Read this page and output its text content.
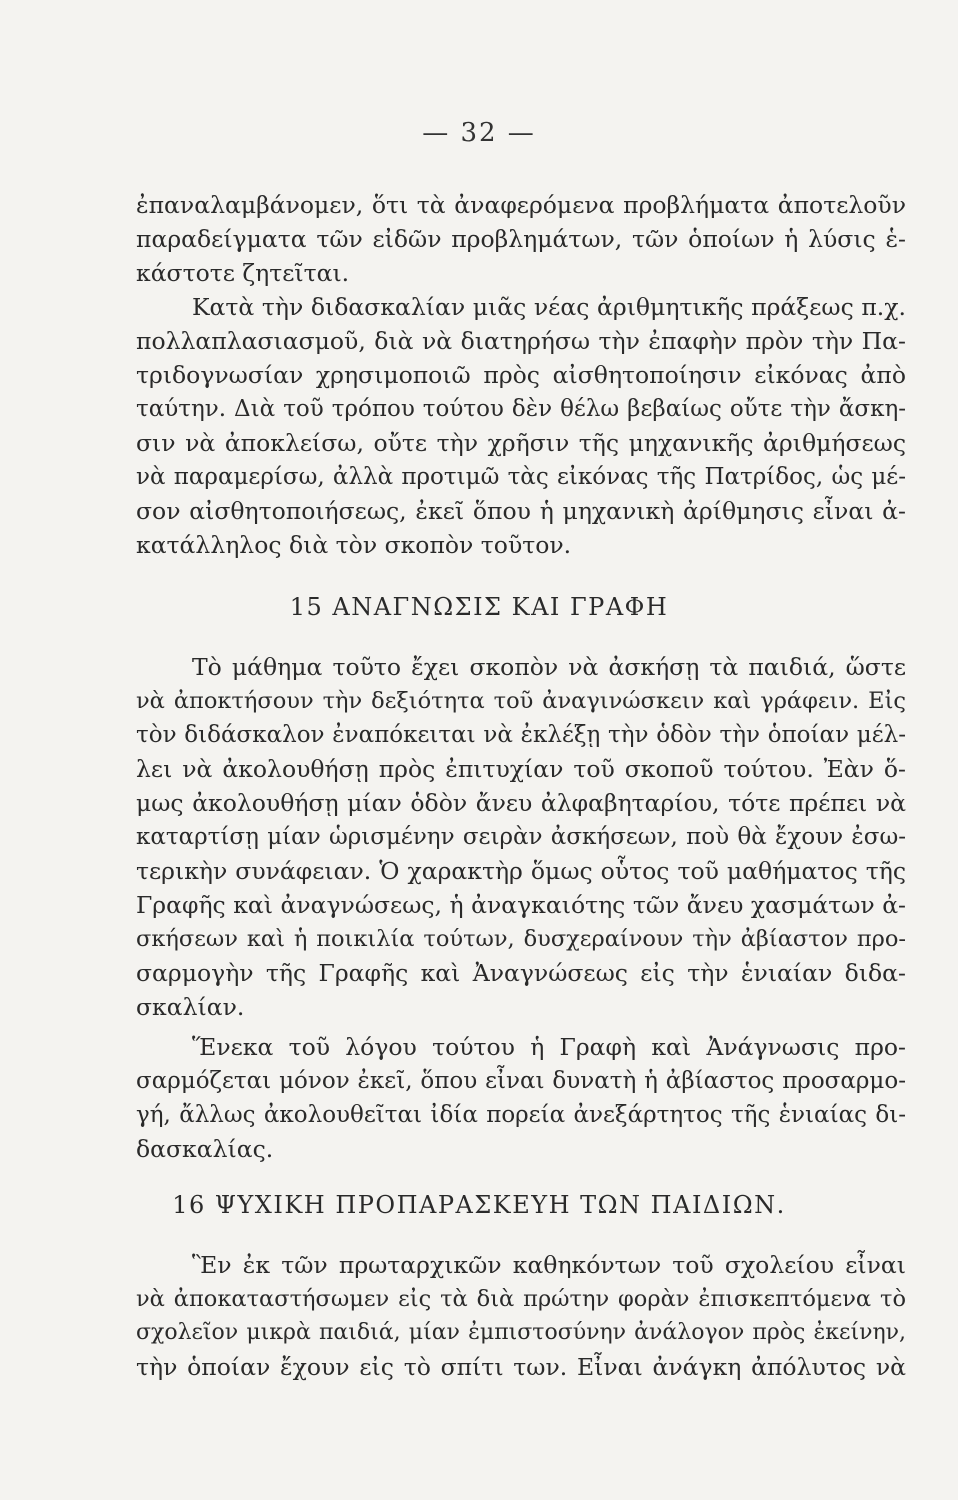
— 32 —
ἐπαναλαμβάνομεν, ὅτι τὰ ἀναφερόμενα προβλήματα ἀποτελοῦν
παραδείγματα τῶν εἰδῶν προβλημάτων, τῶν ὁποίων ἡ λύσις ἑ-
κάστοτε ζητεῖται.
Κατὰ τὴν διδασκαλίαν μιᾶς νέας ἀριθμητικῆς πράξεως π.χ.
πολλαπλασιασμοῦ, διὰ νὰ διατηρήσω τὴν ἐπαφὴν πρὸν τὴν Πα-
τριδογνωσίαν χρησιμοποιῶ πρὸς αἰσθητοποίησιν εἰκόνας ἀπὸ
ταύτην. Διὰ τοῦ τρόπου τούτου δὲν θέλω βεβαίως οὔτε τὴν ἄσκη-
σιν νὰ ἀποκλείσω, οὔτε τὴν χρῆσιν τῆς μηχανικῆς ἀριθμήσεως
νὰ παραμερίσω, ἀλλὰ προτιμῶ τὰς εἰκόνας τῆς Πατρίδος, ὡς μέ-
σον αἰσθητοποιήσεως, ἐκεῖ ὅπου ἡ μηχανικὴ ἀρίθμησις εἶναι ἀ-
κατάλληλος διὰ τὸν σκοπὸν τοῦτον.
15 ΑΝΑΓΝΩΣΙΣ ΚΑΙ ΓΡΑΦΗ
Τὸ μάθημα τοῦτο ἔχει σκοπὸν νὰ ἀσκήσῃ τὰ παιδιά, ὥστε
νὰ ἀποκτήσουν τὴν δεξιότητα τοῦ ἀναγινώσκειν καὶ γράφειν. Εἰς
τὸν διδάσκαλον ἐναπόκειται νὰ ἐκλέξῃ τὴν ὁδὸν τὴν ὁποίαν μέλ-
λει νὰ ἀκολουθήσῃ πρὸς ἐπιτυχίαν τοῦ σκοποῦ τούτου. Ἐὰν ὅ-
μως ἀκολουθήσῃ μίαν ὁδὸν ἄνευ ἀλφαβηταρίου, τότε πρέπει νὰ
καταρτίσῃ μίαν ὡρισμένην σειρὰν ἀσκήσεων, ποὺ θὰ ἔχουν ἐσω-
τερικὴν συνάφειαν. Ὁ χαρακτὴρ ὅμως οὗτος τοῦ μαθήματος τῆς
Γραφῆς καὶ ἀναγνώσεως, ἡ ἀναγκαιότης τῶν ἄνευ χασμάτων ἀ-
σκήσεων καὶ ἡ ποικιλία τούτων, δυσχεραίνουν τὴν ἀβίαστον προ-
σαρμογὴν τῆς Γραφῆς καὶ Ἀναγνώσεως εἰς τὴν ἑνιαίαν διδα-
σκαλίαν.
Ἕνεκα τοῦ λόγου τούτου ἡ Γραφὴ καὶ Ἀνάγνωσις προ-
σαρμόζεται μόνον ἐκεῖ, ὅπου εἶναι δυνατὴ ἡ ἀβίαστος προσαρμο-
γή, ἄλλως ἀκολουθεῖται ἰδία πορεία ἀνεξάρτητος τῆς ἑνιαίας δι-
δασκαλίας.
16 ΨΥΧΙΚΗ ΠΡΟΠΑΡΑΣΚΕΥΗ ΤΩΝ ΠΑΙΔΙΩΝ.
Ἓν ἐκ τῶν πρωταρχικῶν καθηκόντων τοῦ σχολείου εἶναι
νὰ ἀποκαταστήσωμεν εἰς τὰ διὰ πρώτην φορὰν ἐπισκεπτόμενα τὸ
σχολεῖον μικρὰ παιδιά, μίαν ἐμπιστοσύνην ἀνάλογον πρὸς ἐκείνην,
τὴν ὁποίαν ἔχουν εἰς τὸ σπίτι των. Εἶναι ἀνάγκη ἀπόλυτος νὰ
